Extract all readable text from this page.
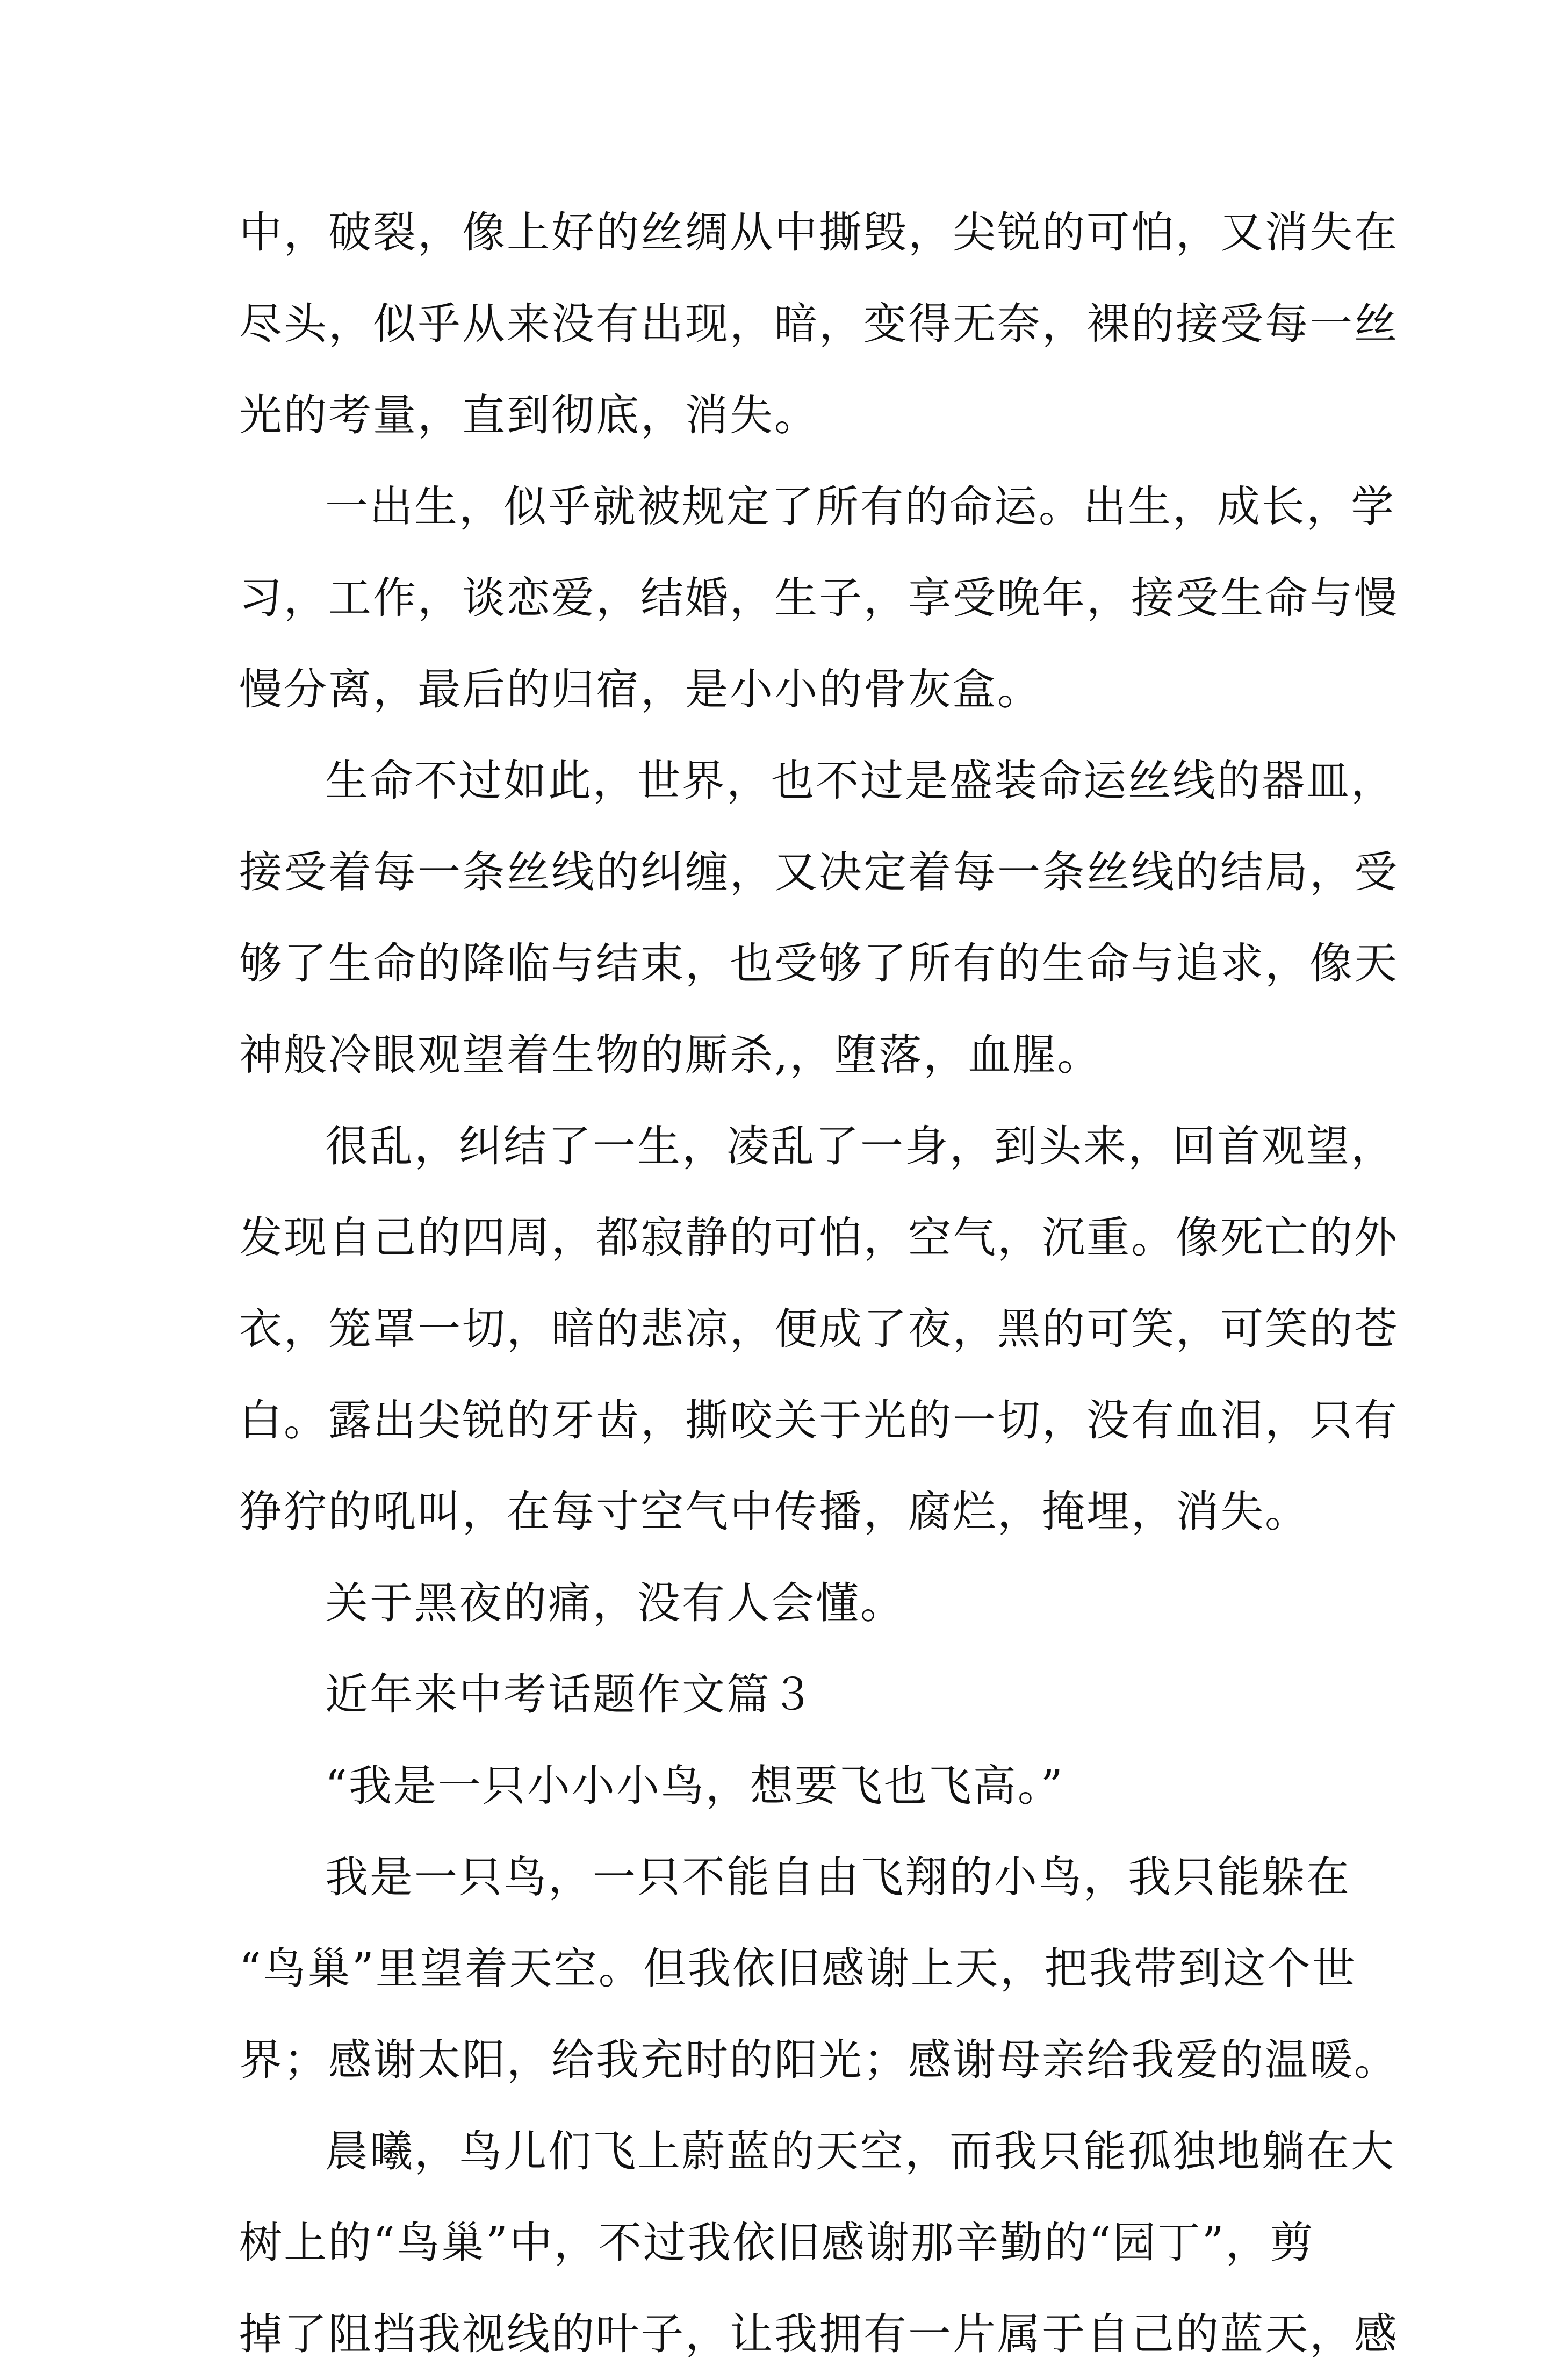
中，破裂，像上好的丝绸从中撕毁，尖锐的可怕，又消失在
尽头，似乎从来没有出现，暗，变得无奈，裸的接受每一丝
光的考量，直到彻底，消失。
一出生，似乎就被规定了所有的命运。出生，成长，学
习，工作，谈恋爱，结婚，生子，享受晚年，接受生命与慢
慢分离，最后的归宿，是小小的骨灰盒。
生命不过如此，世界，也不过是盛装命运丝线的器皿，
接受着每一条丝线的纠缠，又决定着每一条丝线的结局，受
够了生命的降临与结束，也受够了所有的生命与追求，像天
神般冷眼观望着生物的厮杀,，堕落，血腥。
很乱，纠结了一生，凌乱了一身，到头来，回首观望，
发现自己的四周，都寂静的可怕，空气，沉重。像死亡的外
衣，笼罩一切，暗的悲凉，便成了夜，黑的可笑，可笑的苍
白。露出尖锐的牙齿，撕咬关于光的一切，没有血泪，只有
狰狞的吼叫，在每寸空气中传播，腐烂，掩埋，消失。
关于黑夜的痛，没有人会懂。
近年来中考话题作文篇３
“我是一只小小小鸟，想要飞也飞高。”
我是一只鸟，一只不能自由飞翔的小鸟，我只能躲在
“鸟巢”里望着天空。但我依旧感谢上天，把我带到这个世
界；感谢太阳，给我充时的阳光；感谢母亲给我爱的温暖。
晨曦，鸟儿们飞上蔚蓝的天空，而我只能孤独地躺在大
树上的“鸟巢”中，不过我依旧感谢那辛勤的“园丁”，剪
掉了阻挡我视线的叶子，让我拥有一片属于自己的蓝天，感
